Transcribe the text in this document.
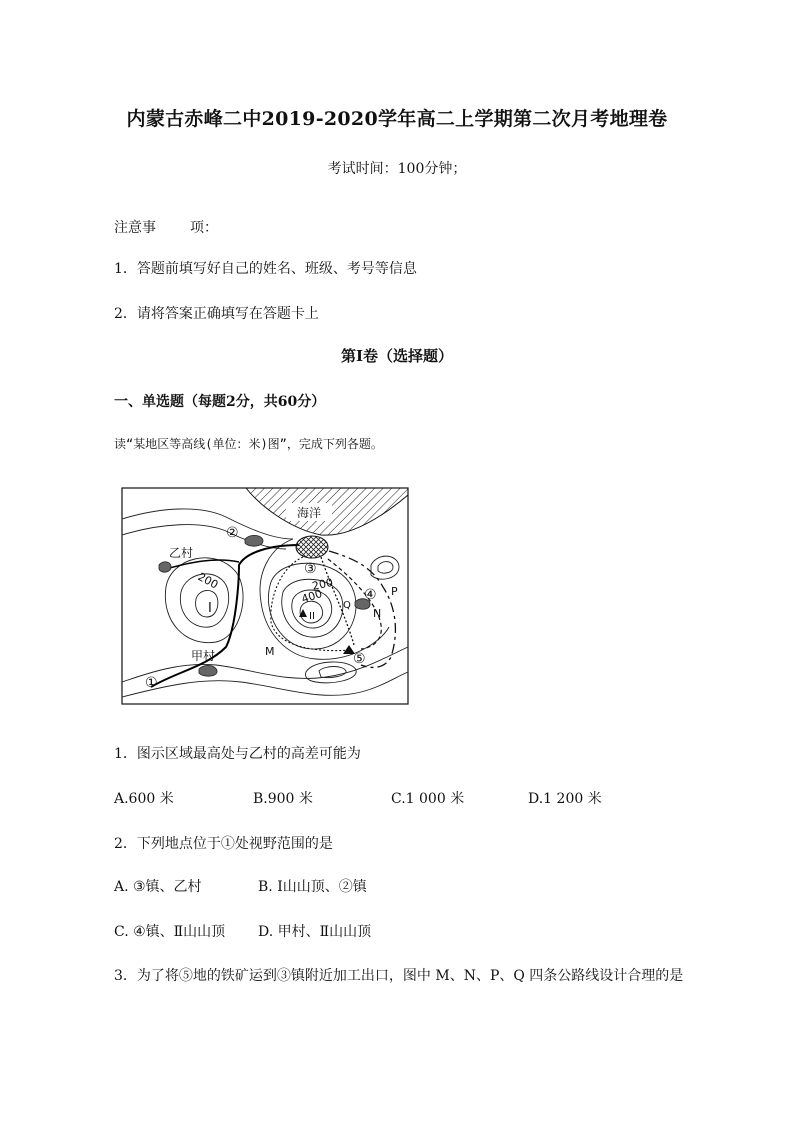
内蒙古赤峰二中2019-2020学年高二上学期第二次月考地理卷
考试时间：100分钟；
注意事 项：
1．答题前填写好自己的姓名、班级、考号等信息
2．请将答案正确填写在答题卡上
第I卷（选择题）
一、单选题（每题2分，共60分）
读“某地区等高线(单位：米)图”，完成下列各题。
海洋
I
II
200
400
乙村
甲村
200
①
②
③
④
⑤
M
N
P
Q
1．图示区域最高处与乙村的高差可能为
A.600 米	B.900 米	C.1 000 米	D.1 200 米
2．下列地点位于①处视野范围的是
A. ③镇、乙村	B. Ⅰ山山顶、②镇
C. ④镇、Ⅱ山山顶 D. 甲村、Ⅱ山山顶
3．为了将⑤地的铁矿运到③镇附近加工出口，图中 M、N、P、Q 四条公路线设计合理的是
